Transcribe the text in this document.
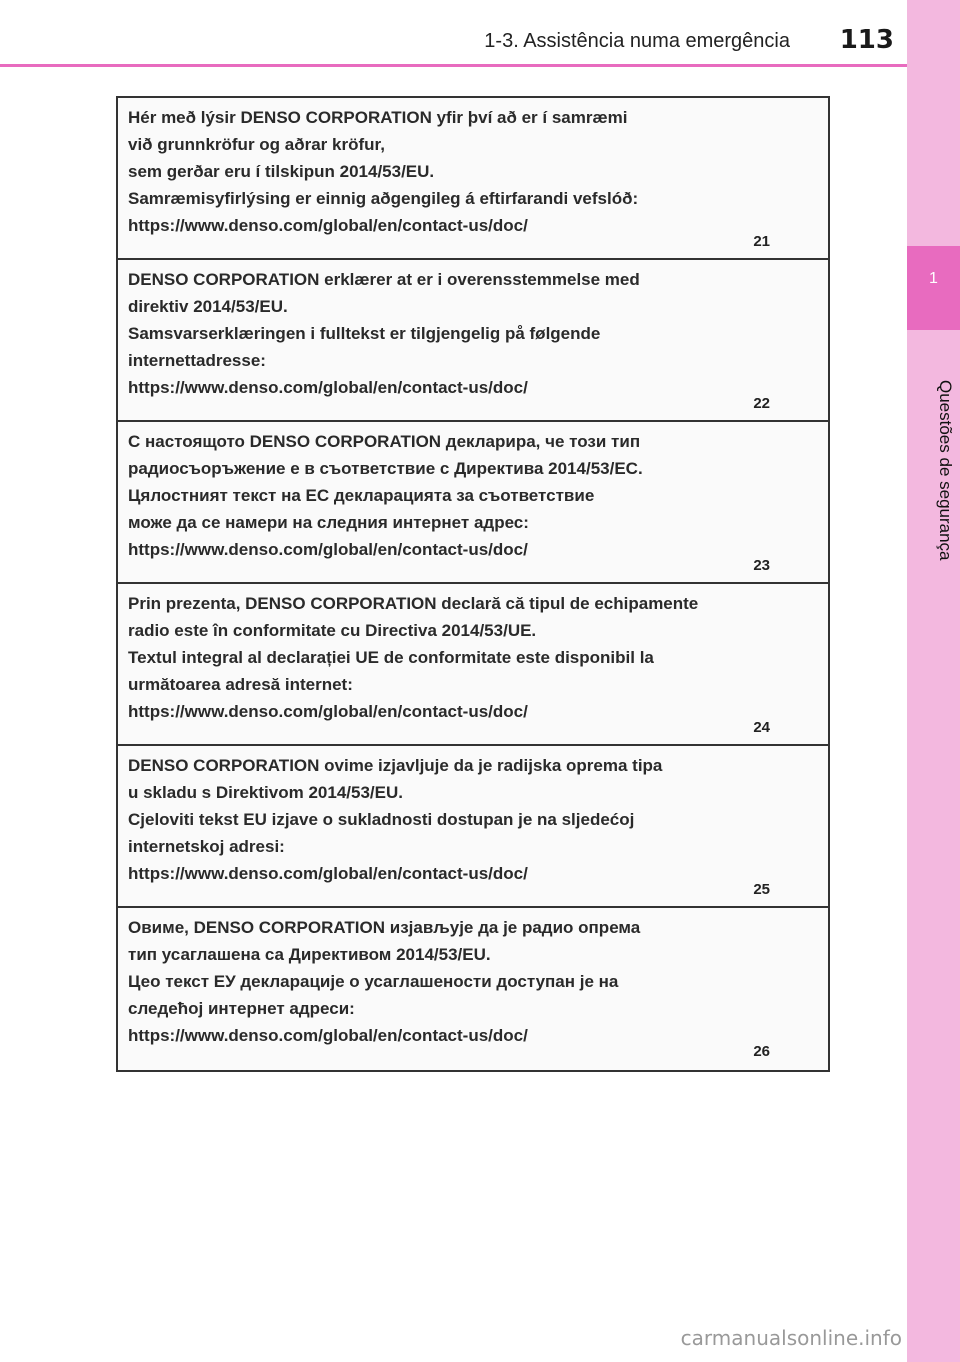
1-3. Assistência numa emergência 113
1
Questões de segurança
Hér með lýsir DENSO CORPORATION yfir því að er í samræmi
við grunnkröfur og aðrar kröfur,
sem gerðar eru í tilskipun 2014/53/EU.
Samræmisyfirlýsing er einnig aðgengileg á eftirfarandi vefslóð:
https://www.denso.com/global/en/contact-us/doc/
21
DENSO CORPORATION erklærer at er i overensstemmelse med
direktiv 2014/53/EU.
Samsvarserklæringen i fulltekst er tilgjengelig på følgende
internettadresse:
https://www.denso.com/global/en/contact-us/doc/
22
С настоящото DENSO CORPORATION декларира, че този тип
радиосъоръжение е в съответствие с Директива 2014/53/ЕС.
Цялостният текст на ЕС декларацията за съответствие
може да се намери на следния интернет адрес:
https://www.denso.com/global/en/contact-us/doc/
23
Prin prezenta, DENSO CORPORATION declară că tipul de echipamente
radio este în conformitate cu Directiva 2014/53/UE.
Textul integral al declarației UE de conformitate este disponibil la
următoarea adresă internet:
https://www.denso.com/global/en/contact-us/doc/
24
DENSO CORPORATION ovime izjavljuje da je radijska oprema tipa
u skladu s Direktivom 2014/53/EU.
Cjeloviti tekst EU izjave o sukladnosti dostupan je na sljedećoj
internetskoj adresi:
https://www.denso.com/global/en/contact-us/doc/
25
Овиме, DENSO CORPORATION изјављује да је радио опрема
тип усаглашена са Директивом 2014/53/EU.
Цео текст ЕУ декларације о усаглашености доступан је на
следећој интернет адреси:
https://www.denso.com/global/en/contact-us/doc/
26
carmanualsonline.info
